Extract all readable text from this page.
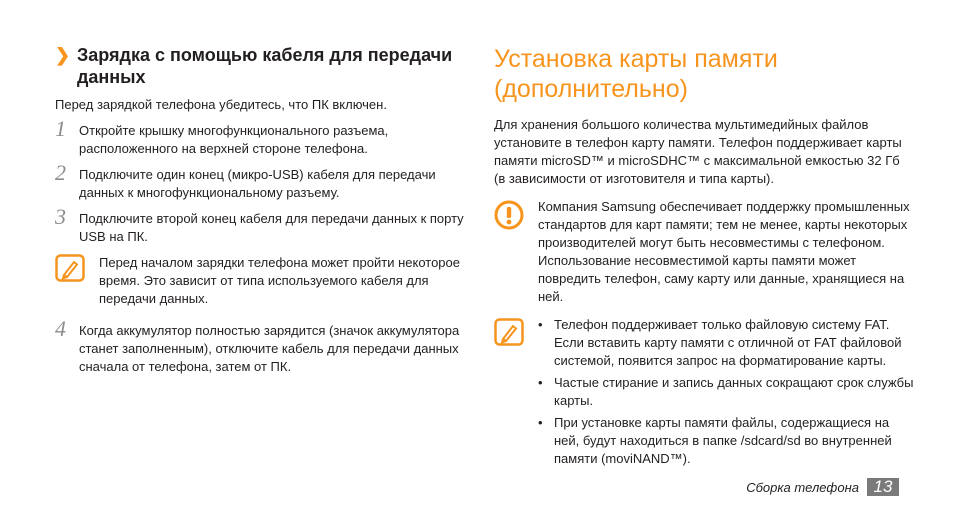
❯ Зарядка с помощью кабеля для передачи данных

Перед зарядкой телефона убедитесь, что ПК включен.

1 Откройте крышку многофункционального разъема, расположенного на верхней стороне телефона.
2 Подключите один конец (микро-USB) кабеля для передачи данных к многофункциональному разъему.
3 Подключите второй конец кабеля для передачи данных к порту USB на ПК.
Перед началом зарядки телефона может пройти некоторое время. Это зависит от типа используемого кабеля для передачи данных.
4 Когда аккумулятор полностью зарядится (значок аккумулятора станет заполненным), отключите кабель для передачи данных сначала от телефона, затем от ПК.
Установка карты памяти (дополнительно)
Для хранения большого количества мультимедийных файлов установите в телефон карту памяти. Телефон поддерживает карты памяти microSD™ и microSDHC™ с максимальной емкостью 32 Гб (в зависимости от изготовителя и типа карты).
Компания Samsung обеспечивает поддержку промышленных стандартов для карт памяти; тем не менее, карты некоторых производителей могут быть несовместимы с телефоном. Использование несовместимой карты памяти может повредить телефон, саму карту или данные, хранящиеся на ней.
• Телефон поддерживает только файловую систему FAT. Если вставить карту памяти с отличной от FAT файловой системой, появится запрос на форматирование карты.
• Частые стирание и запись данных сокращают срок службы карты.
• При установке карты памяти файлы, содержащиеся на ней, будут находиться в папке /sdcard/sd во внутренней памяти (moviNAND™).
Сборка телефона 13
